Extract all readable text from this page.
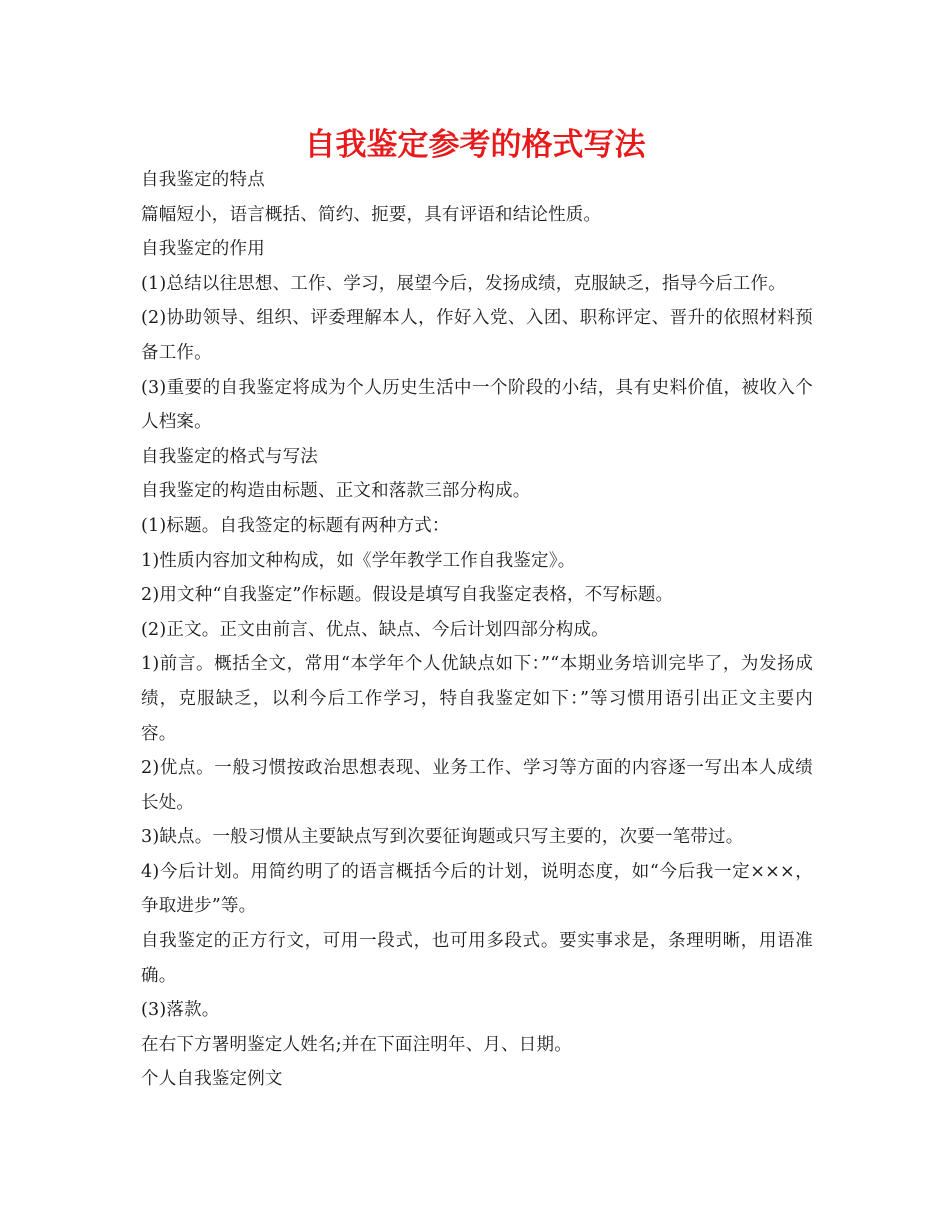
自我鉴定参考的格式写法
自我鉴定的特点
篇幅短小，语言概括、简约、扼要，具有评语和结论性质。
自我鉴定的作用
(1)总结以往思想、工作、学习，展望今后，发扬成绩，克服缺乏，指导今后工作。
(2)协助领导、组织、评委理解本人，作好入党、入团、职称评定、晋升的依照材料预备工作。
(3)重要的自我鉴定将成为个人历史生活中一个阶段的小结，具有史料价值，被收入个人档案。
自我鉴定的格式与写法
自我鉴定的构造由标题、正文和落款三部分构成。
(1)标题。自我签定的标题有两种方式：
1)性质内容加文种构成，如《学年教学工作自我鉴定》。
2)用文种“自我鉴定”作标题。假设是填写自我鉴定表格，不写标题。
(2)正文。正文由前言、优点、缺点、今后计划四部分构成。
1)前言。概括全文，常用“本学年个人优缺点如下：”“本期业务培训完毕了，为发扬成绩，克服缺乏，以利今后工作学习，特自我鉴定如下：”等习惯用语引出正文主要内容。
2)优点。一般习惯按政治思想表现、业务工作、学习等方面的内容逐一写出本人成绩长处。
3)缺点。一般习惯从主要缺点写到次要征询题或只写主要的，次要一笔带过。
4)今后计划。用简约明了的语言概括今后的计划，说明态度，如“今后我一定×××，争取进步”等。
自我鉴定的正方行文，可用一段式，也可用多段式。要实事求是，条理明晰，用语准确。
(3)落款。
在右下方署明鉴定人姓名;并在下面注明年、月、日期。
个人自我鉴定例文
